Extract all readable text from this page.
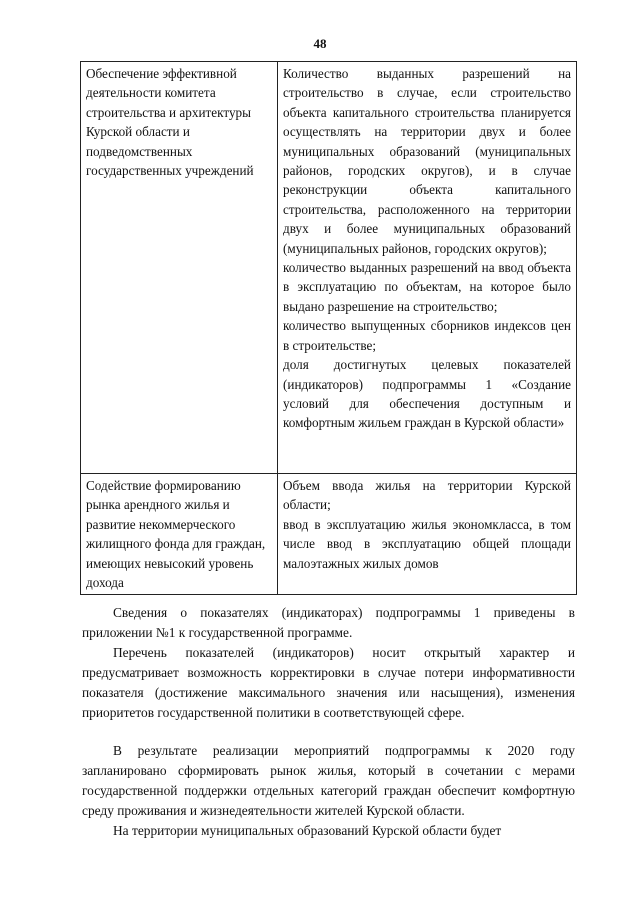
48
Обеспечение эффективной деятельности комитета строительства и архитектуры Курской области и подведомственных государственных учреждений	Количество выданных разрешений на строительство в случае, если строительство объекта капитального строительства планируется осуществлять на территории двух и более муниципальных образований (муниципальных районов, городских округов), и в случае реконструкции объекта капитального строительства, расположенного на территории двух и более муниципальных образований (муниципальных районов, городских округов);
количество выданных разрешений на ввод объекта в эксплуатацию по объектам, на которое было выдано разрешение на строительство;
количество выпущенных сборников индексов цен в строительстве;
доля достигнутых целевых показателей (индикаторов) подпрограммы 1 «Создание условий для обеспечения доступным и комфортным жильем граждан в Курской области»

Содействие формированию рынка арендного жилья и развитие некоммерческого жилищного фонда для граждан, имеющих невысокий уровень дохода	Объем ввода жилья на территории Курской области;
ввод в эксплуатацию жилья экономкласса, в том числе ввод в эксплуатацию общей площади малоэтажных жилых домов

Сведения о показателях (индикаторах) подпрограммы 1 приведены в приложении №1 к государственной программе.

Перечень показателей (индикаторов) носит открытый характер и предусматривает возможность корректировки в случае потери информативности показателя (достижение максимального значения или насыщения), изменения приоритетов государственной политики в соответствующей сфере.

В результате реализации мероприятий подпрограммы к 2020 году запланировано сформировать рынок жилья, который в сочетании с мерами государственной поддержки отдельных категорий граждан обеспечит комфортную среду проживания и жизнедеятельности жителей Курской области.

На территории муниципальных образований Курской области будет
